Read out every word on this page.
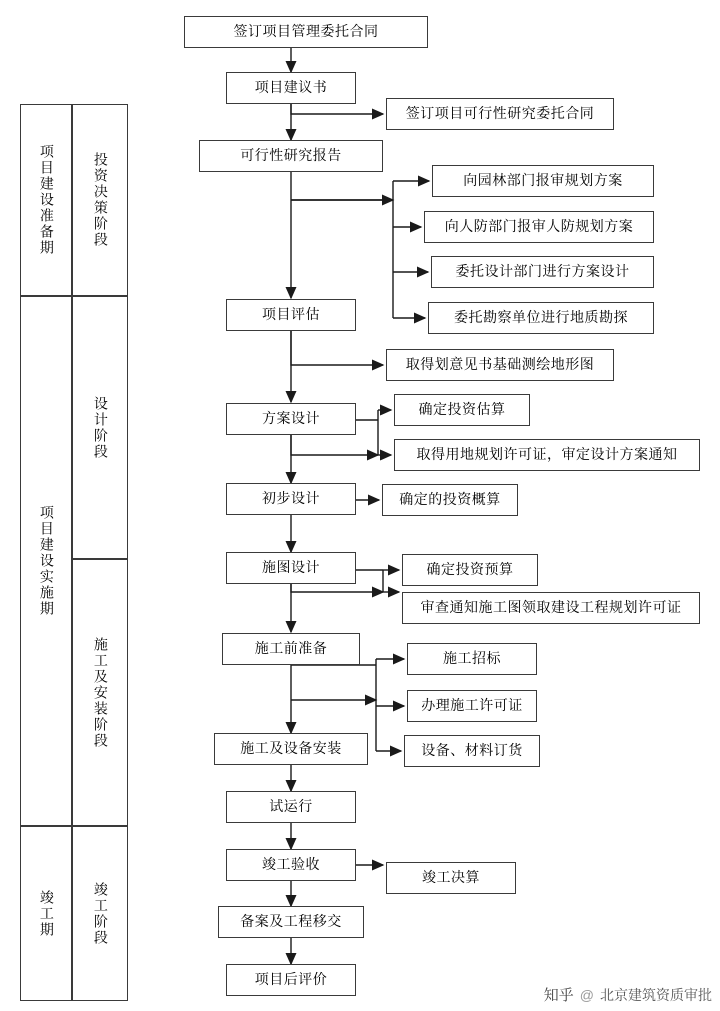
项目建设准备期
项目建设实施期
竣工期
投资决策阶段
设计阶段
施工及安装阶段
竣工阶段
签订项目管理委托合同
项目建议书
可行性研究报告
项目评估
方案设计
初步设计
施图设计
施工前准备
施工及设备安装
试运行
竣工验收
备案及工程移交
项目后评价
签订项目可行性研究委托合同
向园林部门报审规划方案
向人防部门报审人防规划方案
委托设计部门进行方案设计
委托勘察单位进行地质勘探
取得划意见书基础测绘地形图
确定投资估算
取得用地规划许可证，审定设计方案通知
确定的投资概算
确定投资预算
审查通知施工图领取建设工程规划许可证
施工招标
办理施工许可证
设备、材料订货
竣工决算
知乎 @ 北京建筑资质审批
